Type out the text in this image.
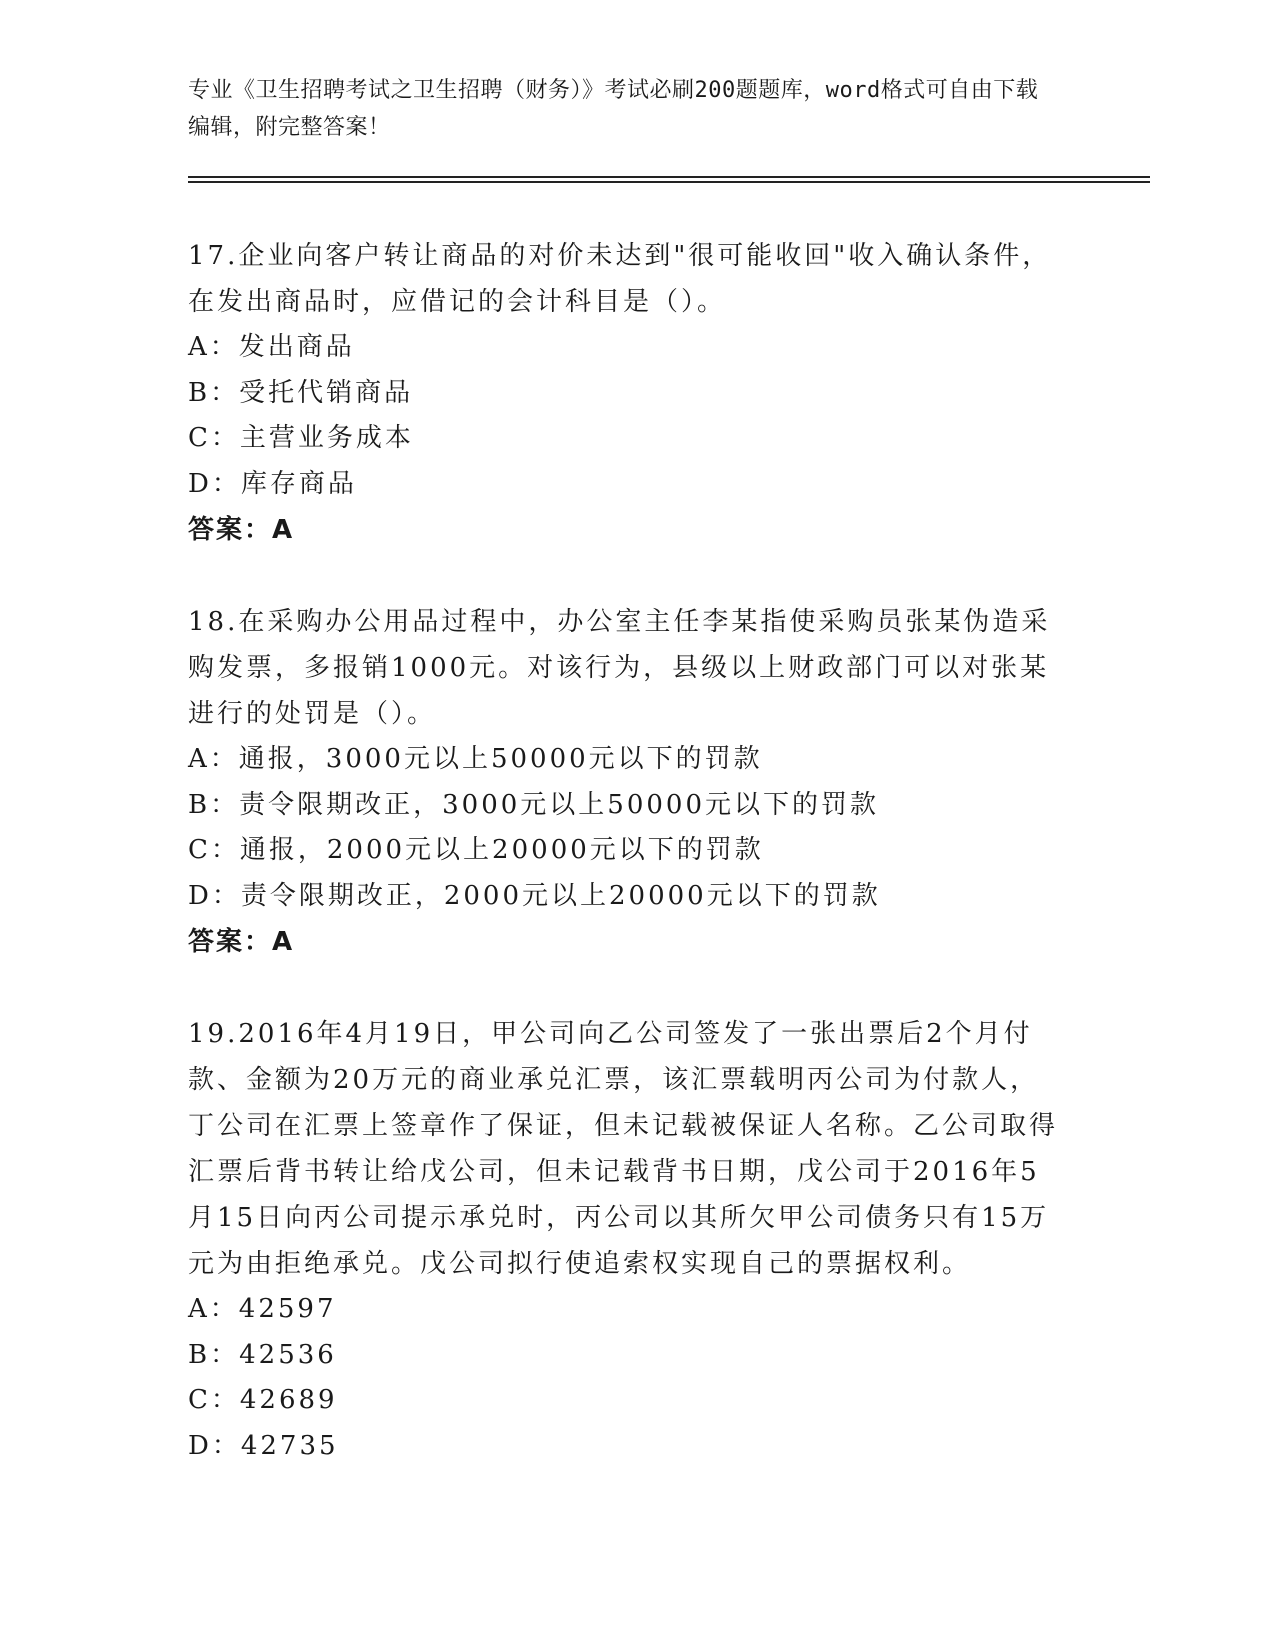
专业《卫生招聘考试之卫生招聘（财务）》考试必刷200题题库，word格式可自由下载编辑，附完整答案！

17.企业向客户转让商品的对价未达到"很可能收回"收入确认条件，在发出商品时，应借记的会计科目是（）。

A：发出商品

B：受托代销商品

C：主营业务成本

D：库存商品

答案：A

18.在采购办公用品过程中，办公室主任李某指使采购员张某伪造采购发票，多报销1000元。对该行为，县级以上财政部门可以对张某进行的处罚是（）。

A：通报，3000元以上50000元以下的罚款

B：责令限期改正，3000元以上50000元以下的罚款

C：通报，2000元以上20000元以下的罚款

D：责令限期改正，2000元以上20000元以下的罚款

答案：A

19.2016年4月19日，甲公司向乙公司签发了一张出票后2个月付款、金额为20万元的商业承兑汇票，该汇票载明丙公司为付款人，丁公司在汇票上签章作了保证，但未记载被保证人名称。乙公司取得汇票后背书转让给戊公司，但未记载背书日期，戊公司于2016年5月15日向丙公司提示承兑时，丙公司以其所欠甲公司债务只有15万元为由拒绝承兑。戊公司拟行使追索权实现自己的票据权利。

A：42597

B：42536

C：42689

D：42735
